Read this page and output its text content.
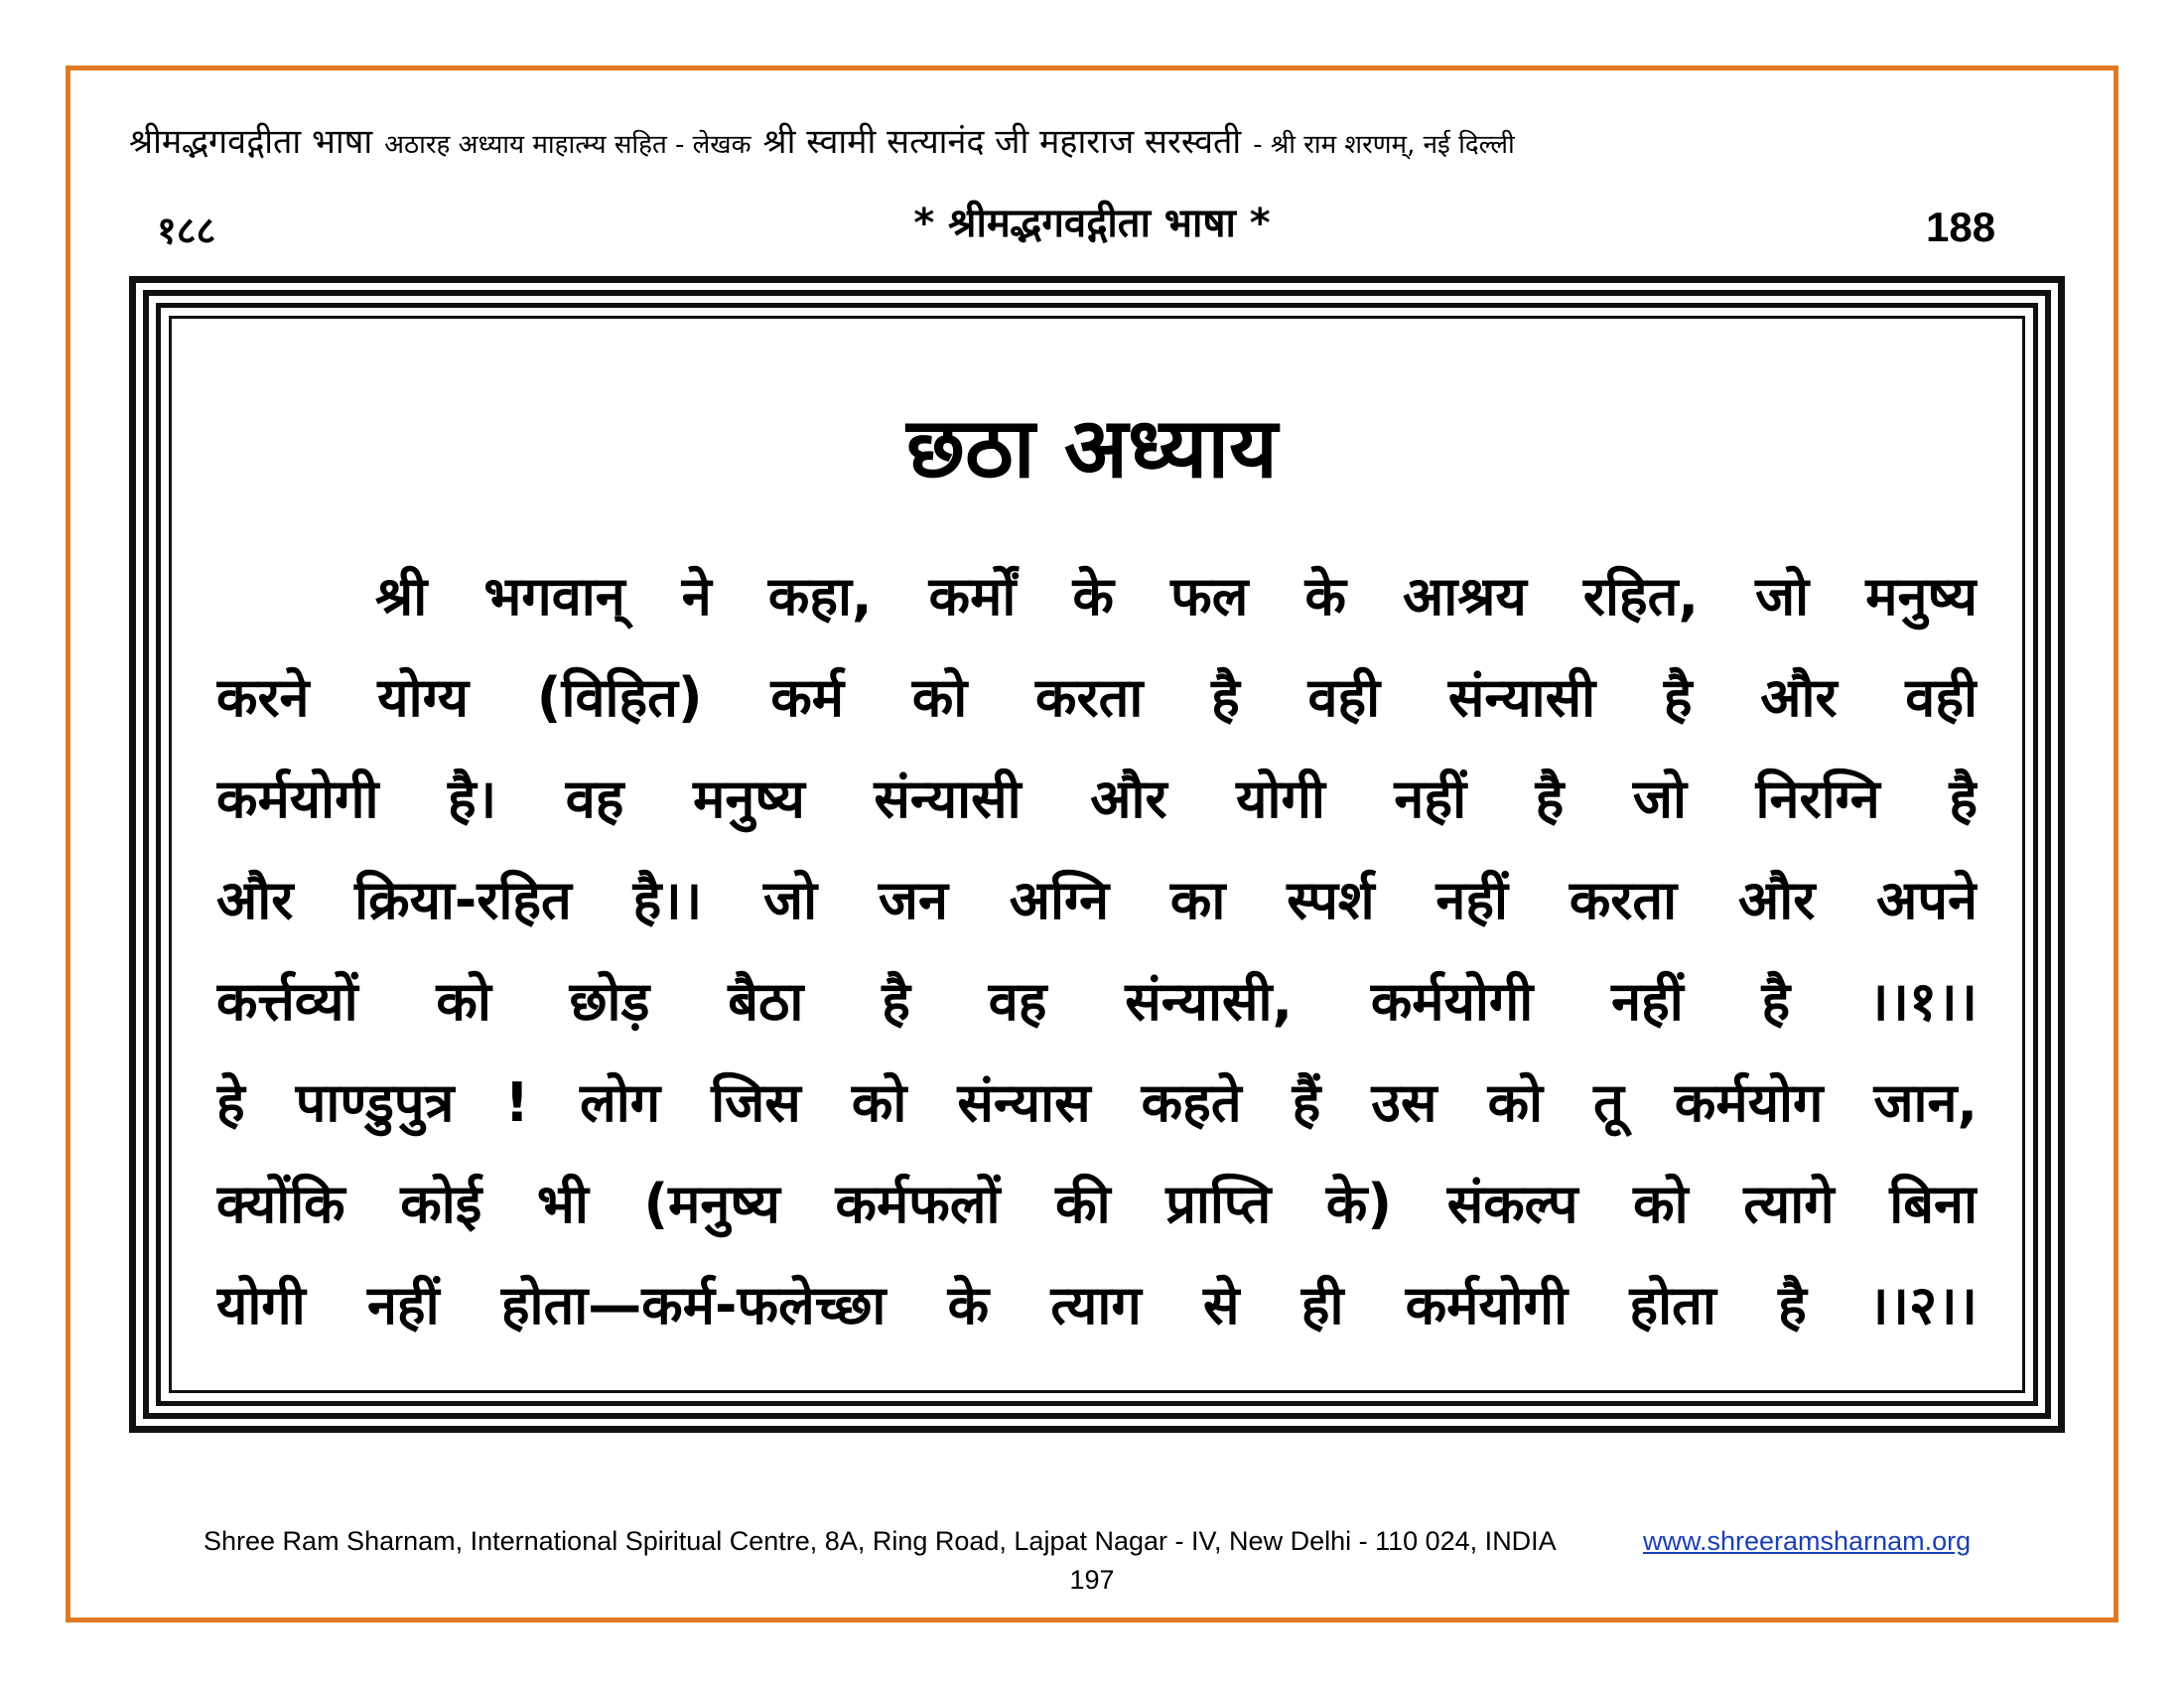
श्रीमद्भगवद्गीता भाषा अठारह अध्याय माहात्म्य सहित - लेखक श्री स्वामी सत्यानंद जी महाराज सरस्वती - श्री राम शरणम्, नई दिल्ली
१८८	* श्रीमद्भगवद्गीता भाषा *	188
छठा अध्याय
श्री भगवान् ने कहा, कर्मों के फल के आश्रय रहित, जो मनुष्य
करने योग्य (विहित) कर्म को करता है वही संन्यासी है और वही
कर्मयोगी है। वह मनुष्य संन्यासी और योगी नहीं है जो निरग्नि है
और क्रिया-रहित है।। जो जन अग्नि का स्पर्श नहीं करता और अपने
कर्त्तव्यों को छोड़ बैठा है वह संन्यासी, कर्मयोगी नहीं है ।।१।।
हे पाण्डुपुत्र ! लोग जिस को संन्यास कहते हैं उस को तू कर्मयोग जान,
क्योंकि कोई भी (मनुष्य कर्मफलों की प्राप्ति के) संकल्प को त्यागे बिना
योगी नहीं होता—कर्म-फलेच्छा के त्याग से ही कर्मयोगी होता है ।।२।।
Shree Ram Sharnam, International Spiritual Centre, 8A, Ring Road, Lajpat Nagar - IV, New Delhi - 110 024, INDIA	www.shreeramsharnam.org
197
